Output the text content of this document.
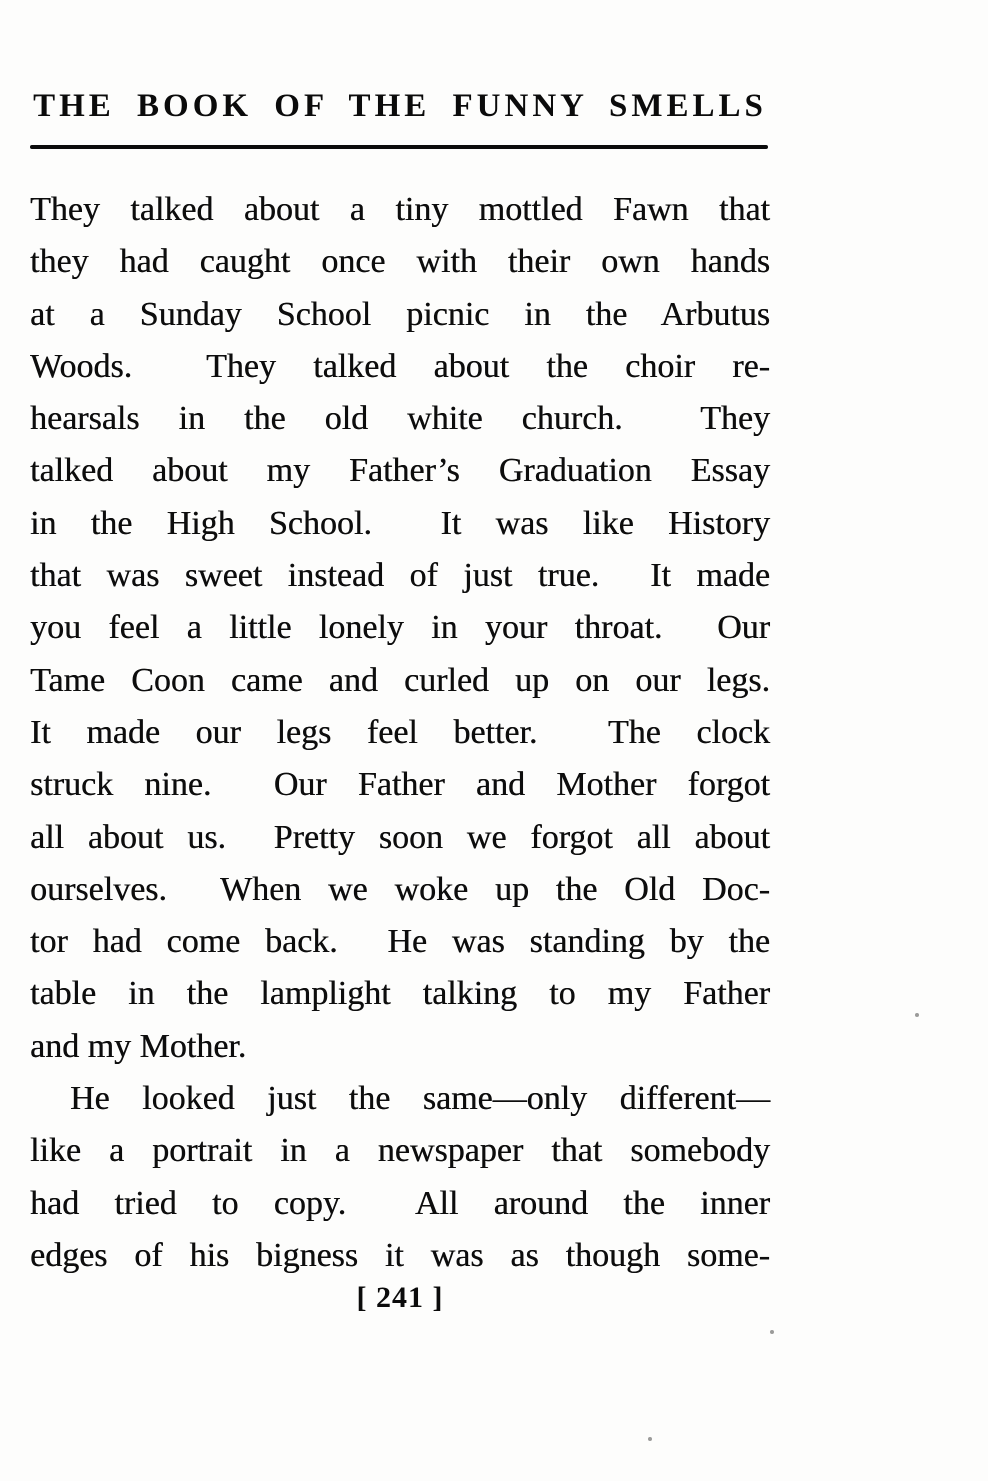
THE BOOK OF THE FUNNY SMELLS
They talked about a tiny mottled Fawn that
they had caught once with their own hands
at a Sunday School picnic in the Arbutus
Woods.  They talked about the choir re-
hearsals in the old white church.  They
talked about my Father’s Graduation Essay
in the High School.  It was like History
that was sweet instead of just true.  It made
you feel a little lonely in your throat.  Our
Tame Coon came and curled up on our legs.
It made our legs feel better.  The clock
struck nine.  Our Father and Mother forgot
all about us.  Pretty soon we forgot all about
ourselves.  When we woke up the Old Doc-
tor had come back.  He was standing by the
table in the lamplight talking to my Father
and my Mother.
He looked just the same—only different—
like a portrait in a newspaper that somebody
had tried to copy.  All around the inner
edges of his bigness it was as though some-
[ 241 ]
